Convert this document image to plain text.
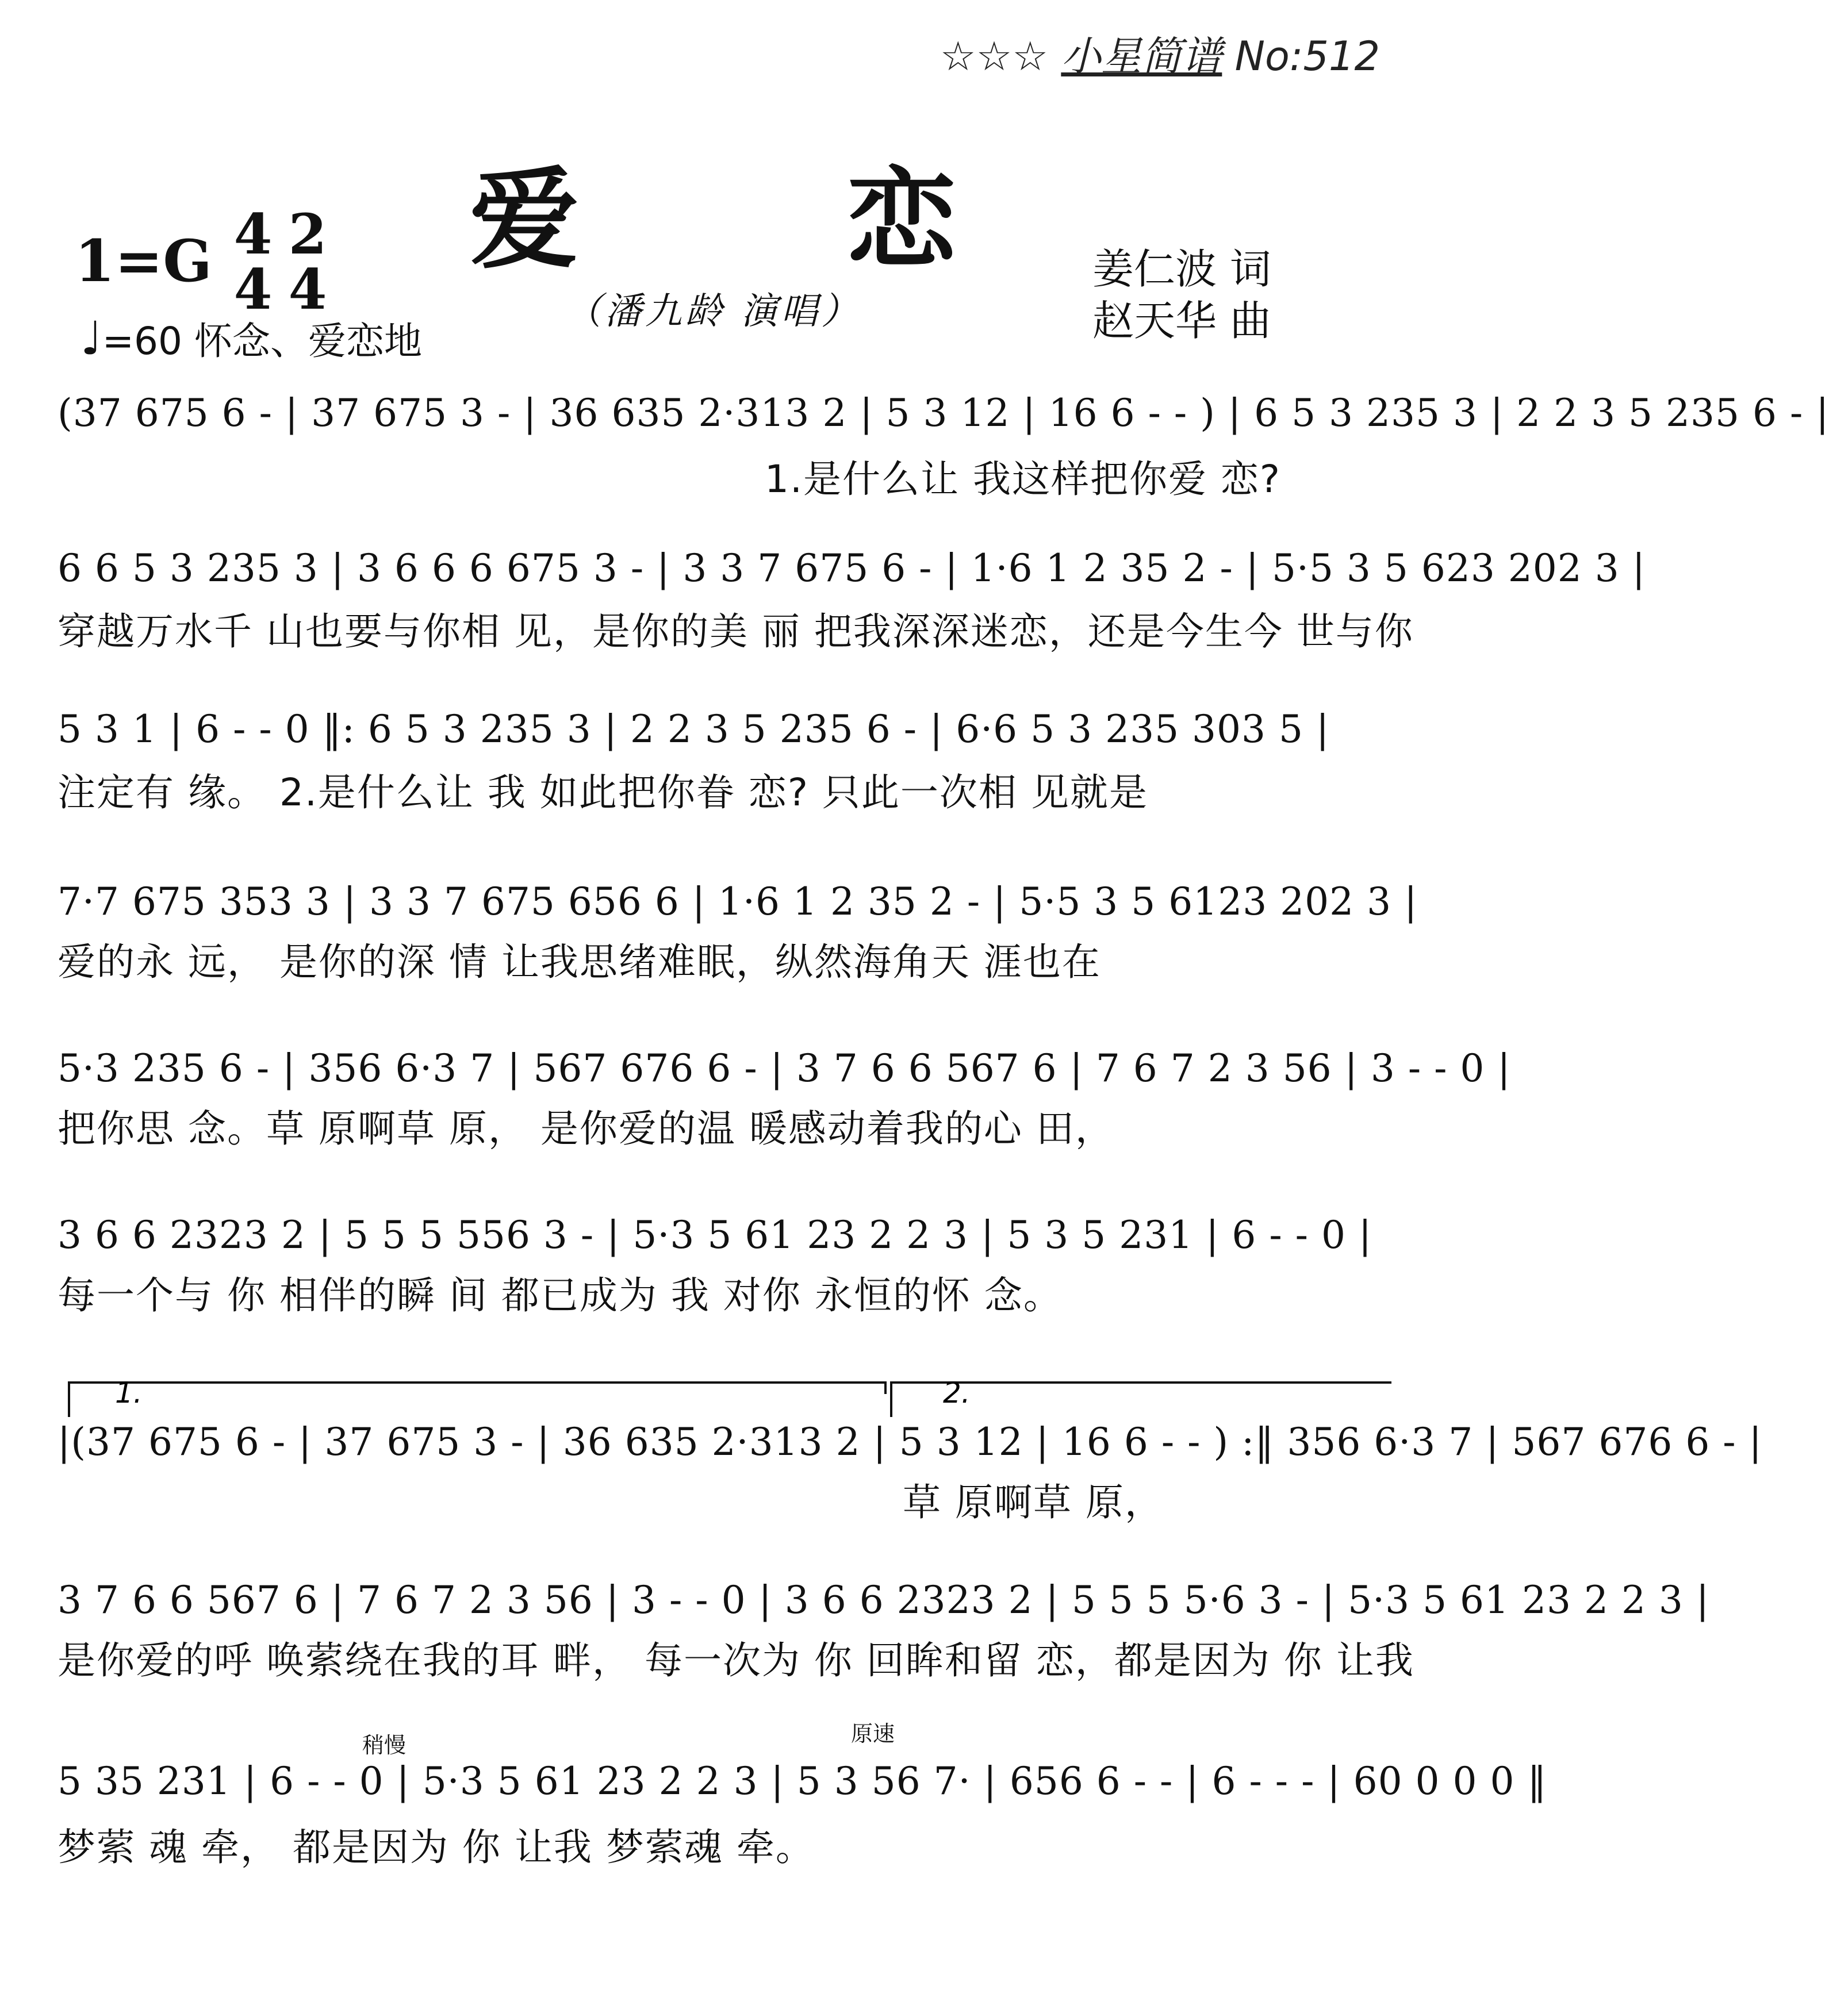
☆☆☆ 小星简谱 No:512
爱 恋
（潘九龄 演唱）
1=G 4
4
2
4
♩=60 怀念、爱恋地
姜仁波 词
赵天华 曲
(37 675 6 - | 37 675 3 - | 36 635 2·313 2 | 5 3 12 | 16 6 - - ) | 6 5 3 235 3 | 2 2 3 5 235 6 - |
1.是什么让 我这样把你爱 恋?
6 6 5 3 235 3 | 3 6 6 6 675 3 - | 3 3 7 675 6 - | 1·6 1 2 35 2 - | 5·5 3 5 623 202 3 |
穿越万水千 山也要与你相 见，是你的美 丽 把我深深迷恋，还是今生今 世与你
5 3 1 | 6 - - 0 ‖: 6 5 3 235 3 | 2 2 3 5 235 6 - | 6·6 5 3 235 303 5 |
注定有 缘。 2.是什么让 我 如此把你眷 恋? 只此一次相 见就是
7·7 675 353 3 | 3 3 7 675 656 6 | 1·6 1 2 35 2 - | 5·5 3 5 6123 202 3 |
爱的永 远， 是你的深 情 让我思绪难眠，纵然海角天 涯也在
5·3 235 6 - | 356 6·3 7 | 567 676 6 - | 3 7 6 6 567 6 | 7 6 7 2 3 56 | 3 - - 0 |
把你思 念。草 原啊草 原， 是你爱的温 暖感动着我的心 田，
3 6 6 2323 2 | 5 5 5 556 3 - | 5·3 5 61 23 2 2 3 | 5 3 5 231 | 6 - - 0 |
每一个与 你 相伴的瞬 间 都已成为 我 对你 永恒的怀 念。
1.	2.
|(37 675 6 - | 37 675 3 - | 36 635 2·313 2 | 5 3 12 | 16 6 - - ) :‖ 356 6·3 7 | 567 676 6 - |
草 原啊草 原，
3 7 6 6 567 6 | 7 6 7 2 3 56 | 3 - - 0 | 3 6 6 2323 2 | 5 5 5 5·6 3 - | 5·3 5 61 23 2 2 3 |
是你爱的呼 唤萦绕在我的耳 畔， 每一次为 你 回眸和留 恋，都是因为 你 让我
稍慢	原速
5 35 231 | 6 - - 0 | 5·3 5 61 23 2 2 3 | 5 3 56 7· | 656 6 - - | 6 - - - | 60 0 0 0 ‖
梦萦 魂 牵， 都是因为 你 让我 梦萦魂 牵。
